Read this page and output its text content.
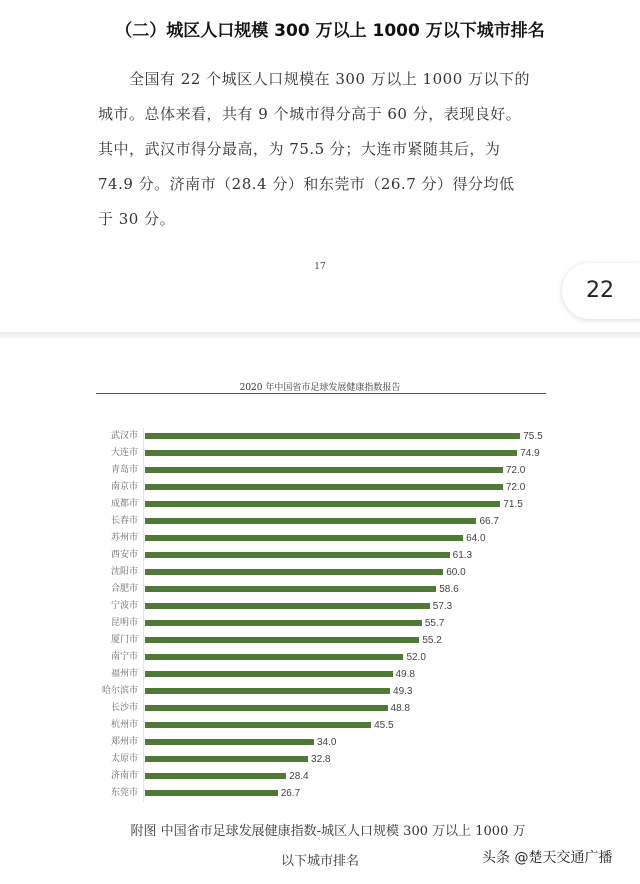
（二）城区人口规模 300 万以上 1000 万以下城市排名

　　全国有 22 个城区人口规模在 300 万以上 1000 万以下的

城市。总体来看，共有 9 个城市得分高于 60 分，表现良好。

其中，武汉市得分最高，为 75.5 分；大连市紧随其后，为

74.9 分。济南市（28.4 分）和东莞市（26.7 分）得分均低

于 30 分。

17
22
2020 年中国省市足球发展健康指数报告
武汉市	75.5
大连市	74.9
青岛市	72.0
南京市	72.0
成都市	71.5
长春市	66.7
苏州市	64.0
西安市	61.3
沈阳市	60.0
合肥市	58.6
宁波市	57.3
昆明市	55.7
厦门市	55.2
南宁市	52.0
福州市	49.8
哈尔滨市	49.3
长沙市	48.8
杭州市	45.5
郑州市	34.0
太原市	32.8
济南市	28.4
东莞市	26.7
附图 中国省市足球发展健康指数-城区人口规模 300 万以上 1000 万
以下城市排名	头条 @楚天交通广播
